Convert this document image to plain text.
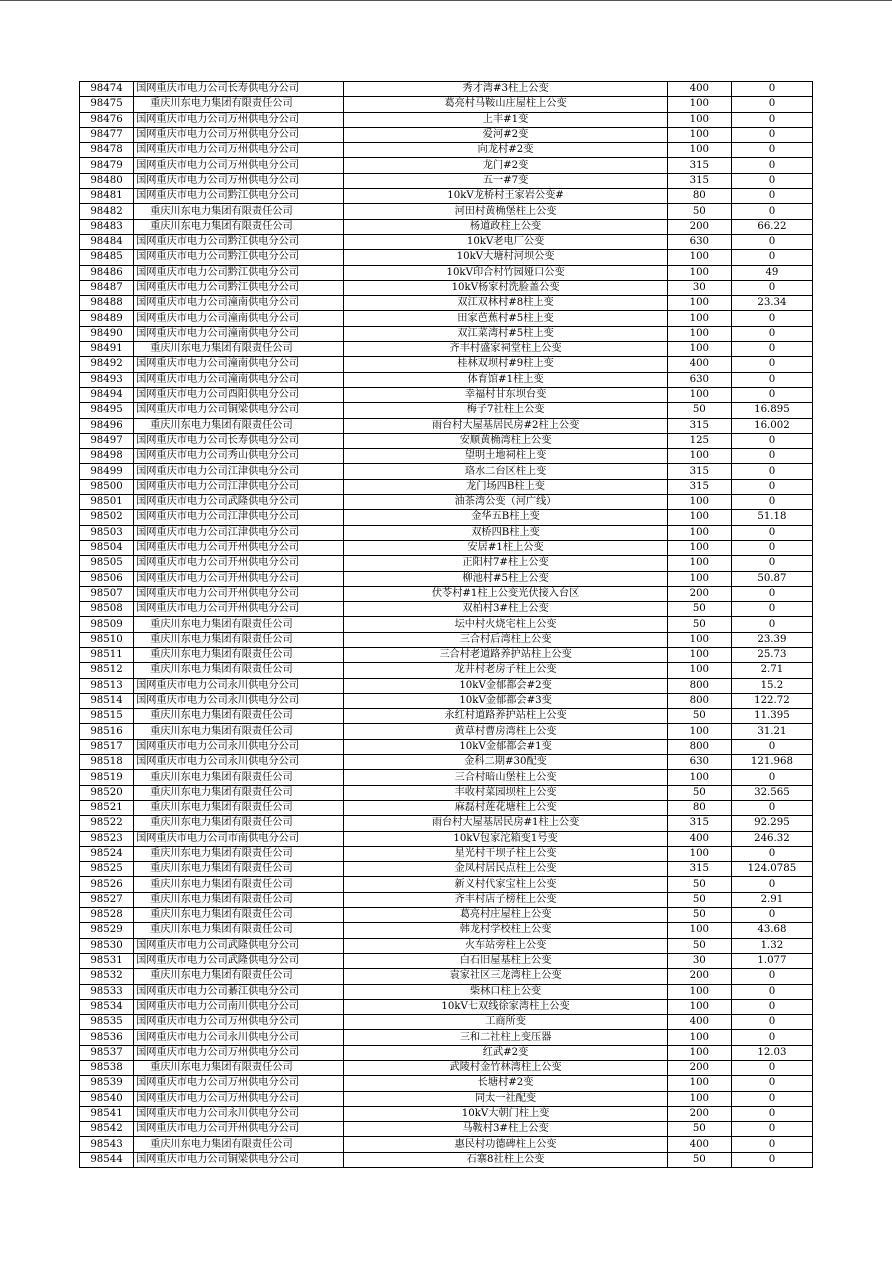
98474	国网重庆市电力公司长寿供电分公司	秀才湾#3柱上公变	400	0
98475	重庆川东电力集团有限责任公司	葛亮村马鞍山庄屋柱上公变	100	0
98476	国网重庆市电力公司万州供电分公司	上丰#1变	100	0
98477	国网重庆市电力公司万州供电分公司	爱河#2变	100	0
98478	国网重庆市电力公司万州供电分公司	向龙村#2变	100	0
98479	国网重庆市电力公司万州供电分公司	龙门#2变	315	0
98480	国网重庆市电力公司万州供电分公司	五一#7变	315	0
98481	国网重庆市电力公司黔江供电分公司	10kV龙桥村王家岩公变#	80	0
98482	重庆川东电力集团有限责任公司	河田村黄桷堡柱上公变	50	0
98483	重庆川东电力集团有限责任公司	杨道政柱上公变	200	66.22
98484	国网重庆市电力公司黔江供电分公司	10kV老电厂公变	630	0
98485	国网重庆市电力公司黔江供电分公司	10kV大塘村河坝公变	100	0
98486	国网重庆市电力公司黔江供电分公司	10kV印合村竹园娅口公变	100	49
98487	国网重庆市电力公司黔江供电分公司	10kV杨家村洗脸盖公变	30	0
98488	国网重庆市电力公司潼南供电分公司	双江双林村#8柱上变	100	23.34
98489	国网重庆市电力公司潼南供电分公司	田家芭蕉村#5柱上变	100	0
98490	国网重庆市电力公司潼南供电分公司	双江菜湾村#5柱上变	100	0
98491	重庆川东电力集团有限责任公司	齐丰村盛家祠堂柱上公变	100	0
98492	国网重庆市电力公司潼南供电分公司	桂林双坝村#9柱上变	400	0
98493	国网重庆市电力公司潼南供电分公司	体育馆#1柱上变	630	0
98494	国网重庆市电力公司酉阳供电分公司	幸福村甘东坝台变	100	0
98495	国网重庆市电力公司铜梁供电分公司	梅子7社柱上公变	50	16.895
98496	重庆川东电力集团有限责任公司	雨台村大屋基居民房#2柱上公变	315	16.002
98497	国网重庆市电力公司长寿供电分公司	安顺黄桷湾柱上公变	125	0
98498	国网重庆市电力公司秀山供电分公司	望明土地祠柱上变	100	0
98499	国网重庆市电力公司江津供电分公司	珞水二台区柱上变	315	0
98500	国网重庆市电力公司江津供电分公司	龙门场四B柱上变	315	0
98501	国网重庆市电力公司武隆供电分公司	油茶湾公变（河广线）	100	0
98502	国网重庆市电力公司江津供电分公司	金华五B柱上变	100	51.18
98503	国网重庆市电力公司江津供电分公司	双桥四B柱上变	100	0
98504	国网重庆市电力公司开州供电分公司	安居#1柱上公变	100	0
98505	国网重庆市电力公司开州供电分公司	正阳村7#柱上公变	100	0
98506	国网重庆市电力公司开州供电分公司	柳池村#5柱上公变	100	50.87
98507	国网重庆市电力公司开州供电分公司	伏苓村#1柱上公变光伏接入台区	200	0
98508	国网重庆市电力公司开州供电分公司	双柏村3#柱上公变	50	0
98509	重庆川东电力集团有限责任公司	坛中村火烧宅柱上公变	50	0
98510	重庆川东电力集团有限责任公司	三合村后湾柱上公变	100	23.39
98511	重庆川东电力集团有限责任公司	三合村老道路养护站柱上公变	100	25.73
98512	重庆川东电力集团有限责任公司	龙井村老房子柱上公变	100	2.71
98513	国网重庆市电力公司永川供电分公司	10kV金郁都会#2变	800	15.2
98514	国网重庆市电力公司永川供电分公司	10kV金郁都会#3变	800	122.72
98515	重庆川东电力集团有限责任公司	永红村道路养护站柱上公变	50	11.395
98516	重庆川东电力集团有限责任公司	黄草村曹房湾柱上公变	100	31.21
98517	国网重庆市电力公司永川供电分公司	10kV金郁都会#1变	800	0
98518	国网重庆市电力公司永川供电分公司	金科二期#30配变	630	121.968
98519	重庆川东电力集团有限责任公司	三合村暗山堡柱上公变	100	0
98520	重庆川东电力集团有限责任公司	丰收村菜园坝柱上公变	50	32.565
98521	重庆川东电力集团有限责任公司	麻磊村莲花塘柱上公变	80	0
98522	重庆川东电力集团有限责任公司	雨台村大屋基居民房#1柱上公变	315	92.295
98523	国网重庆市电力公司市南供电分公司	10kV包家沱箱变1号变	400	246.32
98524	重庆川东电力集团有限责任公司	星光村干坝子柱上公变	100	0
98525	重庆川东电力集团有限责任公司	金凤村居民点柱上公变	315	124.0785
98526	重庆川东电力集团有限责任公司	新义村代家宝柱上公变	50	0
98527	重庆川东电力集团有限责任公司	齐丰村店子榜柱上公变	50	2.91
98528	重庆川东电力集团有限责任公司	葛亮村庄屋柱上公变	50	0
98529	重庆川东电力集团有限责任公司	韩龙村学校柱上公变	100	43.68
98530	国网重庆市电力公司武隆供电分公司	火车站旁柱上公变	50	1.32
98531	国网重庆市电力公司武隆供电分公司	白石旧屋基柱上公变	30	1.077
98532	重庆川东电力集团有限责任公司	袁家社区三龙湾柱上公变	200	0
98533	国网重庆市电力公司綦江供电分公司	柴林口柱上公变	100	0
98534	国网重庆市电力公司南川供电分公司	10kV七双线徐家湾柱上公变	100	0
98535	国网重庆市电力公司万州供电分公司	工商所变	400	0
98536	国网重庆市电力公司永川供电分公司	三和二社柱上变压器	100	0
98537	国网重庆市电力公司万州供电分公司	红武#2变	100	12.03
98538	重庆川东电力集团有限责任公司	武陵村金竹林湾柱上公变	200	0
98539	国网重庆市电力公司万州供电分公司	长塘村#2变	100	0
98540	国网重庆市电力公司万州供电分公司	同太一社配变	100	0
98541	国网重庆市电力公司永川供电分公司	10kV大朝门柱上变	200	0
98542	国网重庆市电力公司开州供电分公司	马鞍村3#柱上公变	50	0
98543	重庆川东电力集团有限责任公司	惠民村功德碑柱上公变	400	0
98544	国网重庆市电力公司铜梁供电分公司	石寨8社柱上公变	50	0
